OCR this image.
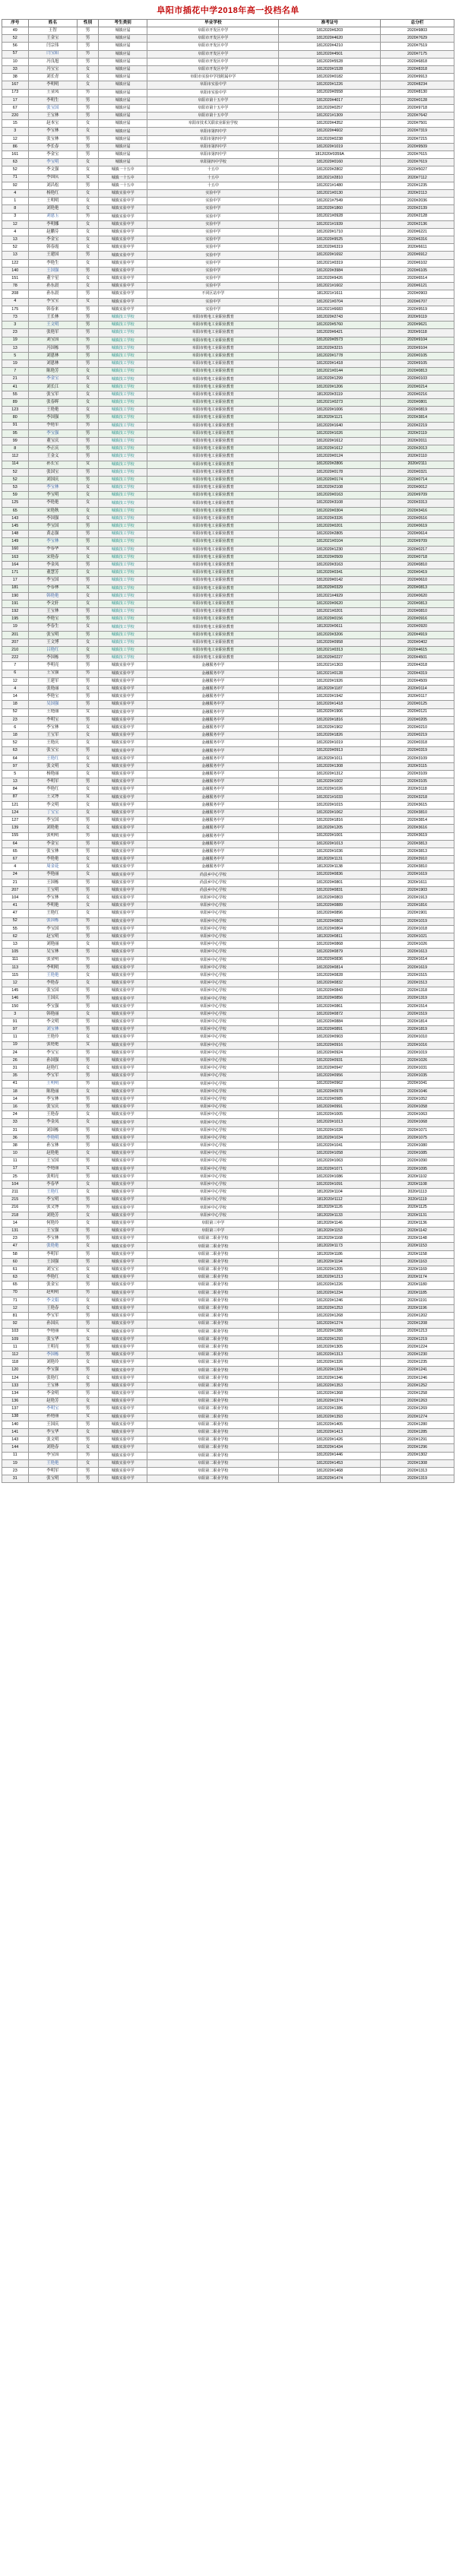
阜阳市插花中学2018年高一投档名单
序号	姓名	性别	考生类别	毕业学校	准考证号	总分栏
49	王智	男	城镇应届	阜阳市开发区中学	1812020#6203	2020#9803
52	王金宝	男	城镇应届	阜阳市开发区中学	1812020#4620	2020#7629
56	闫宗伟	男	城镇应届	阜阳市开发区中学	1812020#4210	2020#7519
57	闫宝阳	男	城镇应届	阜阳市开发区中学	1812020#4501	2020#7175
10	冯良旭	男	城镇应届	阜阳市开发区中学	1812020#5528	2020#6818
33	冯宝宝	女	城镇应届	阜阳市开发区中学	1812020#1528	2020#8318
38	刘长青	女	城镇应届	阜阳市实验中学技附属中学	1812020#0182	2020#9913
167	李明明	女	城镇应届	阜阳市实验中学	1812020#1226	2020#8234
173	王金凤	男	城镇应届	阜阳市实验中学	1812020#0558	2020#8130
17	李明生	男	城镇应届	阜阳市第十五中学	1812020#4017	2020#0128
67	张宝国	男	城镇应届	阜阳市第十五中学	1812020#0257	2020#9718
220	王宝林	男	城镇应届	阜阳市第十五中学	1812021#1309	2020#7642
15	赵本宝	女	城镇应届	阜阳市技术关联农业职业学校	1812020#4352	2020#7501
3	李宝林	女	城镇应届	阜阳市第四中学	1812020#4602	2020#7319
12	张宝林	男	城镇应届	阜阳市第四中学	1812020#0238	2020#7215
86	李长春	男	城镇应届	阜阳市第四中学	1812020#1019	2020#9509
161	李金宝	男	城镇应届	阜阳市第四中学	1812020#0359A	2020#7615
63	李宝明	女	城镇应届	阜阳第四中学校	1812020#0160	2020#7619
52	李文强	女	城镇一十五中	十五中	1812020#2802	2020#5027
71	李国庆	女	城镇一十五中	十五中	1812021#2810	2020#7112
92	刘昌松	男	城镇一十五中	十五中	1812021#1480	2020#1235
4	杨艳红	女	城镇实验中学	实验中学	1812021#0130	2020#2113
1	王明明	女	城镇实验中学	实验中学	1812021#7549	2020#2036
8	刘艳艳	女	城镇实验中学	实验中学	1812020#1860	2020#2139
3	刘恩玉	男	城镇实验中学	实验中学	1812021#0928	2020#2128
12	李明娜	女	城镇实验中学	实验中学	1812021#1939	2020#2136
4	赵鹏芬	女	城镇实验中学	实验中学	1812020#1710	2020#6221
13	李金宝	女	城镇实验中学	实验中学	1812020#9525	2020#6316
52	韩春霞	女	城镇实验中学	实验中学	1812020#6319	2020#6611
13	王建国	男	城镇实验中学	实验中学	1812020#1692	2020#6912
122	李艳生	女	城镇实验中学	实验中学	1812021#0319	2020#6102
140	王国强	男	城镇实验中学	实验中学	1812020#3984	2020#6105
151	董宇星	女	城镇实验中学	实验中学	1812020#9426	2020#6514
78	孙东晨	女	城镇实验中学	实验中学	1812021#1602	2020#6121
208	孙东晨	男	城镇实验中学	不同区站中学	1812021#1611	2020#0903
4	李宝宝	女	城镇实验中学	实验中学	1812021#0704	2020#6707
175	韩春来	男	城镇实验中学	实验中学	1812021#6683	2020#9519
73	王长林	男	城镇技工学校	阜阳市机电工业职业教育	1812020#2743	2020#9119
3	王文明	男	城镇技工学校	阜阳市机电工业职业教育	1812020#5760	2020#9621
23	张艳军	男	城镇技工学校	阜阳市机电工业职业教育	1812020#6421	2020#9118
19	刘宝国	男	城镇技工学校	阜阳市机电工业职业教育	1812020#0573	2020#9104
13	冯国栋	男	城镇技工学校	阜阳市机电工业职业教育	1812020#3215	2020#9104
5	刘恩林	男	城镇技工学校	阜阳市机电工业职业教育	1812020#1778	2020#0105
19	刘恩林	男	城镇技工学校	阜阳市机电工业职业教育	1812020#1418	2020#9105
7	陈艳芳	女	城镇技工学校	阜阳市机电工业职业教育	1812021#0144	2020#0813
21	李金宝	女	城镇技工学校	阜阳市机电工业职业教育	1812020#1299	2020#0103
41	刘长江	女	城镇技工学校	阜阳市机电工业职业教育	1812020#1206	2020#0214
55	张宝军	女	城镇技工学校	阜阳市机电工业职业教育	1812020#3119	2020#0216
89	张春晖	女	城镇技工学校	阜阳市机电工业职业教育	1812021#0273	2020#0801
123	王艳艳	女	城镇技工学校	阜阳市机电工业职业教育	1812020#1006	2020#0819
80	李国强	男	城镇技工学校	阜阳市机电工业职业教育	1812020#1121	2020#3814
91	李艳军	男	城镇技工学校	阜阳市机电工业职业教育	1812020#1640	2020#2219
95	李宝强	男	城镇技工学校	阜阳市机电工业职业教育	1812020#1026	2020#2119
99	董宝庆	男	城镇技工学校	阜阳市机电工业职业教育	1812020#1612	2020#2011
8	李正庆	男	城镇技工学校	阜阳市机电工业职业教育	1812020#1612	2020#2013
112	王金义	男	城镇技工学校	阜阳市机电工业职业教育	1812020#0124	2020#2110
114	孙长宝	女	城镇技工学校	阜阳市机电工业职业教育	1812020#2806	2020#2111
52	张国宝	男	城镇技工学校	阜阳市机电工业职业教育	1812020#0178	2020#0321
52	刘国庆	男	城镇技工学校	阜阳市机电工业职业教育	1812020#0174	2020#0714
53	李宝林	女	城镇技工学校	阜阳市机电工业职业教育	1812020#2108	2020#0012
59	李宝明	女	城镇技工学校	阜阳市机电工业职业教育	1812020#0163	2020#9709
125	李艳艳	女	城镇技工学校	阜阳市机电工业职业教育	1812020#3108	2020#3313
65	宋艳秋	女	城镇技工学校	阜阳市机电工业职业教育	1812020#0304	2020#3416
143	李国强	女	城镇技工学校	阜阳市机电工业职业教育	1812020#3326	2020#0516
145	李宝国	男	城镇技工学校	阜阳市机电工业职业教育	1812020#0201	2020#0619
148	黄志强	男	城镇技工学校	阜阳市机电工业职业教育	1812020#2805	2020#0614
149	李宝林	男	城镇技工学校	阜阳市机电工业职业教育	1812021#0104	2020#9709
160	李春华	女	城镇技工学校	阜阳市机电工业职业教育	1812020#1230	2020#0217
163	宋艳春	女	城镇技工学校	阜阳市机电工业职业教育	1812020#0509	2020#0718
164	李金凤	男	城镇技工学校	阜阳市机电工业职业教育	1812020#3163	2020#0810
171	董慧芳	女	城镇技工学校	阜阳市机电工业职业教育	1812020#0341	2020#0419
17	李宝国	男	城镇技工学校	阜阳市机电工业职业教育	1812020#0142	2020#0610
181	李春林	女	城镇技工学校	阜阳市机电工业职业教育	1812020#0329	2020#0813
190	韩艳艳	女	城镇技工学校	阜阳市机电工业职业教育	1812021#4929	2020#0620
191	李文轩	女	城镇技工学校	阜阳市机电工业职业教育	1812020#0620	2020#0813
192	王宝林	男	城镇技工学校	阜阳市机电工业职业教育	1812021#0201	2020#0810
195	李艳宝	男	城镇技工学校	阜阳市机电工业职业教育	1812020#0156	2020#0916
19	李春生	女	城镇技工学校	阜阳市机电工业职业教育	1812020#0611	2020#0920
201	张宝明	男	城镇技工学校	阜阳市机电工业职业教育	1812020#3206	2020#4919
207	王文博	女	城镇技工学校	阜阳市机电工业职业教育	1812020#0958	2020#0402
210	吕艳红	女	城镇技工学校	阜阳市机电工业职业教育	1812021#0313	2020#4615
222	李国栋	男	城镇技工学校	阜阳市机电工业职业教育	1812020#0227	2020#4501
7	李明亮	男	城镇实验中学	金融服务中学	1812021#1303	2020#4318
6	王宝强	男	城镇实验中学	金融服务中学	1812021#0128	2020#4319
12	王建军	男	城镇实验中学	金融服务中学	1812020#1926	2020#4509
4	张艳丽	女	城镇实验中学	金融服务中学	1812020#1187	2020#0114
14	李艳宝	男	城镇实验中学	金融服务中学	1812020#1942	2020#0117
18	吴国强	男	城镇实验中学	金融服务中学	1812020#1418	2020#0125
52	王艳丽	女	城镇实验中学	金融服务中学	1812020#1906	2020#0121
23	李明宝	男	城镇实验中学	金融服务中学	1812020#1816	2020#0205
6	李宝林	女	城镇实验中学	金融服务中学	1812020#1902	2020#0210
18	王宝军	女	城镇实验中学	金融服务中学	1812020#1826	2020#0219
52	王艳庆	女	城镇实验中学	金融服务中学	1812020#1019	2020#0318
63	张宝宝	男	城镇实验中学	金融服务中学	1812020#0913	2020#0319
64	王艳红	女	城镇实验中学	金融服务中学	1812020#1011	2020#3109
97	张文明	女	城镇实验中学	金融服务中学	1812020#1308	2020#3115
5	杨艳丽	女	城镇实验中学	金融服务中学	1812020#1312	2020#3109
13	李明军	男	城镇实验中学	金融服务中学	1812020#1002	2020#3105
84	李艳红	女	城镇实验中学	金融服务中学	1812020#1026	2020#3118
87	王文博	女	城镇实验中学	金融服务中学	1812021#1033	2020#3218
121	李文明	女	城镇实验中学	金融服务中学	1812020#1015	2020#3615
124	丁宝宝	女	城镇实验中学	金融服务中学	1812020#1062	2020#3810
127	李宝国	男	城镇实验中学	金融服务中学	1812020#1816	2020#3814
139	刘艳艳	女	城镇实验中学	金融服务中学	1812020#1205	2020#3616
155	张明明	男	城镇实验中学	金融服务中学	1812020#1001	2020#3619
64	李金宝	男	城镇实验中学	金融服务中学	1812020#1013	2020#3813
65	张宝林	男	城镇实验中学	金融服务中学	1812020#1036	2020#3813
67	李艳艳	女	城镇实验中学	金融服务中学	1812020#1131	2020#3910
4	周金花	女	城镇实验中学	金融服务中学	1812020#1138	2020#3810
24	李艳丽	女	城镇实验中学	尚县乡中心学校	1812020#0836	2020#1619
21	王国栋	男	城镇实验中学	尚县乡中心学校	1812020#0801	2020#1611
207	王宝明	男	城镇实验中学	尚县乡中心学校	1812020#0831	2020#1903
104	李宝林	女	城镇实验中学	阜阳乡中心学校	1812020#0803	2020#1913
41	李明艳	女	城镇实验中学	阜阳乡中心学校	1812020#0889	2020#1816
47	王艳红	女	城镇实验中学	阜阳乡中心学校	1812020#0896	2020#1901
52	张国栋	男	城镇实验中学	阜阳乡中心学校	1812020#0863	2020#1019
55	李宝国	男	城镇实验中学	阜阳乡中心学校	1812020#0804	2020#1018
62	赵宝明	男	城镇实验中学	阜阳乡中心学校	1812020#0811	2020#1021
13	刘艳丽	女	城镇实验中学	阜阳乡中心学校	1812020#0868	2020#1026
105	吴宝林	男	城镇实验中学	阜阳乡中心学校	1812020#0879	2020#1613
111	张金明	男	城镇实验中学	阜阳乡中心学校	1812020#0836	2020#1614
113	李明明	男	城镇实验中学	阜阳乡中心学校	1812020#0814	2020#1619
115	王艳艳	女	城镇实验中学	阜阳乡中心学校	1812020#0828	2020#1515
12	李艳春	女	城镇实验中学	阜阳乡中心学校	1812020#0832	2020#1513
145	张宝国	男	城镇实验中学	阜阳乡中心学校	1812020#0843	2020#1318
146	王国庆	男	城镇实验中学	阜阳乡中心学校	1812020#0856	2020#1319
150	李宝强	男	城镇实验中学	阜阳乡中心学校	1812020#0861	2020#1514
3	韩艳丽	女	城镇实验中学	阜阳乡中心学校	1812020#0872	2020#1519
91	李文明	男	城镇实验中学	阜阳乡中心学校	1812020#0884	2020#1814
97	刘宝林	男	城镇实验中学	阜阳乡中心学校	1812020#0891	2020#1819
11	王艳玲	女	城镇实验中学	阜阳乡中心学校	1812020#0903	2020#1010
19	张艳艳	女	城镇实验中学	阜阳乡中心学校	1812020#0916	2020#1016
24	李宝宝	男	城镇实验中学	阜阳乡中心学校	1812020#0924	2020#1019
26	孙国强	男	城镇实验中学	阜阳乡中心学校	1812020#0931	2020#1026
31	赵艳红	女	城镇实验中学	阜阳乡中心学校	1812020#0947	2020#1031
35	李宝军	男	城镇实验中学	阜阳乡中心学校	1812020#0956	2020#1035
41	王明明	男	城镇实验中学	阜阳乡中心学校	1812020#0962	2020#1041
18	陈艳丽	女	城镇实验中学	阜阳乡中心学校	1812020#0978	2020#1046
14	李宝林	男	城镇实验中学	阜阳乡中心学校	1812020#0985	2020#1052
16	张宝庆	男	城镇实验中学	阜阳乡中心学校	1812020#0991	2020#1058
24	王艳春	女	城镇实验中学	阜阳乡中心学校	1812020#1005	2020#1063
33	李金凤	女	城镇实验中学	阜阳乡中心学校	1812020#1013	2020#1068
31	刘国栋	男	城镇实验中学	阜阳乡中心学校	1812020#1026	2020#1071
36	李艳明	男	城镇实验中学	阜阳乡中心学校	1812020#1034	2020#1075
38	孙宝林	男	城镇实验中学	阜阳乡中心学校	1812020#1041	2020#1080
10	赵艳艳	女	城镇实验中学	阜阳乡中心学校	1812020#1058	2020#1085
11	王宝国	男	城镇实验中学	阜阳乡中心学校	1812020#1063	2020#1090
17	李艳丽	女	城镇实验中学	阜阳乡中心学校	1812020#1071	2020#1095
25	张明亮	男	城镇实验中学	阜阳乡中心学校	1812020#1086	2020#1102
104	李春华	女	城镇实验中学	阜阳乡中心学校	1812020#1091	2020#1108
211	王艳红	女	城镇实验中学	阜阳乡中心学校	1812020#1104	2020#1113
215	李宝明	男	城镇实验中学	阜阳乡中心学校	1812020#1112	2020#1119
216	张文博	男	城镇实验中学	阜阳乡中心学校	1812020#1126	2020#1125
218	刘艳芳	女	城镇实验中学	阜阳乡中心学校	1812020#1133	2020#1131
14	何艳玲	女	城镇实验中学	阜阳第三中学	1812020#1146	2020#1136
131	王宝强	男	城镇实验中学	阜阳第三中学	1812020#1153	2020#1142
23	李宝林	男	城镇实验中学	阜阳第二职业学校	1812020#1168	2020#1148
47	张艳艳	女	城镇实验中学	阜阳第二职业学校	1812020#1173	2020#1153
58	李明军	男	城镇实验中学	阜阳第二职业学校	1812020#1186	2020#1158
60	王国强	男	城镇实验中学	阜阳第二职业学校	1812020#1194	2020#1163
61	刘宝宝	女	城镇实验中学	阜阳第二职业学校	1812020#1205	2020#1169
63	李艳红	女	城镇实验中学	阜阳第二职业学校	1812020#1213	2020#1174
65	张金宝	男	城镇实验中学	阜阳第二职业学校	1812020#1226	2020#1180
70	赵明明	男	城镇实验中学	阜阳第二职业学校	1812020#1234	2020#1185
71	李文娟	女	城镇实验中学	阜阳第二职业学校	1812020#1246	2020#1191
12	王艳春	女	城镇实验中学	阜阳第二职业学校	1812020#1253	2020#1196
81	李宝军	男	城镇实验中学	阜阳第二职业学校	1812020#1268	2020#1202
92	孙国庆	男	城镇实验中学	阜阳第二职业学校	1812020#1274	2020#1208
103	李艳丽	女	城镇实验中学	阜阳第二职业学校	1812020#1286	2020#1213
109	张宝华	女	城镇实验中学	阜阳第二职业学校	1812020#1293	2020#1219
11	王明亮	男	城镇实验中学	阜阳第二职业学校	1812020#1305	2020#1224
112	李国栋	男	城镇实验中学	阜阳第二职业学校	1812020#1313	2020#1230
118	刘艳玲	女	城镇实验中学	阜阳第二职业学校	1812020#1326	2020#1235
120	李宝强	男	城镇实验中学	阜阳第二职业学校	1812020#1334	2020#1241
124	张艳红	女	城镇实验中学	阜阳第二职业学校	1812020#1346	2020#1246
133	王宝林	男	城镇实验中学	阜阳第二职业学校	1812020#1353	2020#1252
134	李金明	男	城镇实验中学	阜阳第二职业学校	1812020#1368	2020#1258
136	赵艳芳	女	城镇实验中学	阜阳第二职业学校	1812020#1374	2020#1263
137	李明宝	男	城镇实验中学	阜阳第二职业学校	1812020#1386	2020#1269
138	孙艳丽	女	城镇实验中学	阜阳第二职业学校	1812020#1393	2020#1274
140	王国庆	男	城镇实验中学	阜阳第二职业学校	1812020#1405	2020#1280
141	李宝华	女	城镇实验中学	阜阳第二职业学校	1812020#1413	2020#1285
143	张文明	男	城镇实验中学	阜阳第二职业学校	1812020#1426	2020#1291
144	刘艳春	女	城镇实验中学	阜阳第二职业学校	1812020#1434	2020#1296
11	李宝国	男	城镇实验中学	阜阳第二职业学校	1812020#1446	2020#1302
19	王艳艳	女	城镇实验中学	阜阳第二职业学校	1812020#1453	2020#1308
23	李明军	男	城镇实验中学	阜阳第二职业学校	1812020#1468	2020#1313
31	张宝明	男	城镇实验中学	阜阳第二职业学校	1812020#1474	2020#1319
